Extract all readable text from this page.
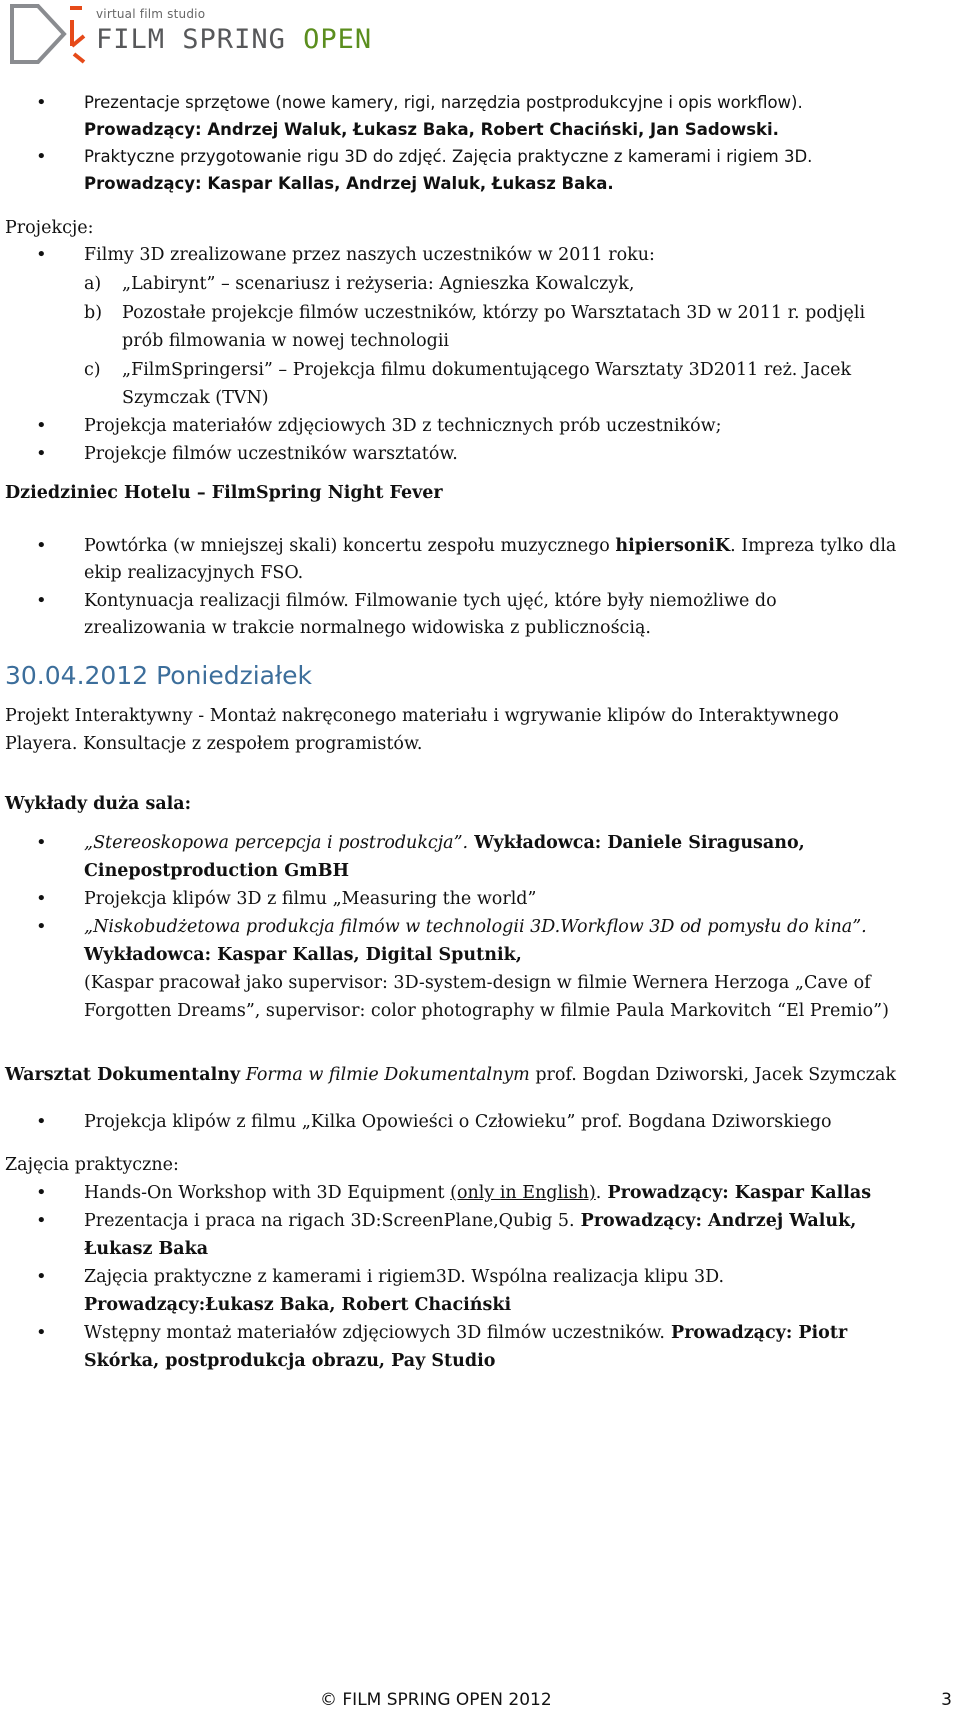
virtual film studio
FILM SPRING OPEN
• Prezentacje sprzętowe (nowe kamery, rigi, narzędzia postprodukcyjne i opis workflow).
Prowadzący: Andrzej Waluk, Łukasz Baka, Robert Chaciński, Jan Sadowski.
• Praktyczne przygotowanie rigu 3D do zdjęć. Zajęcia praktyczne z kamerami i rigiem 3D.
Prowadzący: Kaspar Kallas, Andrzej Waluk, Łukasz Baka.
Projekcje:
• Filmy 3D zrealizowane przez naszych uczestników w 2011 roku:
a) „Labirynt” – scenariusz i reżyseria: Agnieszka Kowalczyk,
b) Pozostałe projekcje filmów uczestników, którzy po Warsztatach 3D w 2011 r. podjęli
prób filmowania w nowej technologii
c) „FilmSpringersi” – Projekcja filmu dokumentującego Warsztaty 3D2011 reż. Jacek
Szymczak (TVN)
• Projekcja materiałów zdjęciowych 3D z technicznych prób uczestników;
• Projekcje filmów uczestników warsztatów.
Dziedziniec Hotelu – FilmSpring Night Fever
• Powtórka (w mniejszej skali) koncertu zespołu muzycznego hipiersoniK. Impreza tylko dla
ekip realizacyjnych FSO.
• Kontynuacja realizacji filmów. Filmowanie tych ujęć, które były niemożliwe do
zrealizowania w trakcie normalnego widowiska z publicznością.
30.04.2012 Poniedziałek
Projekt Interaktywny - Montaż nakręconego materiału i wgrywanie klipów do Interaktywnego
Playera. Konsultacje z zespołem programistów.
Wykłady duża sala:
• „Stereoskopowa percepcja i postrodukcja”. Wykładowca: Daniele Siragusano,
Cinepostproduction GmBH
• Projekcja klipów 3D z filmu „Measuring the world”
• „Niskobudżetowa produkcja filmów w technologii 3D.Workflow 3D od pomysłu do kina”.
Wykładowca: Kaspar Kallas, Digital Sputnik,
(Kaspar pracował jako supervisor: 3D-system-design w filmie Wernera Herzoga „Cave of
Forgotten Dreams”, supervisor: color photography w filmie Paula Markovitch “El Premio”)
Warsztat Dokumentalny Forma w filmie Dokumentalnym prof. Bogdan Dziworski, Jacek Szymczak
• Projekcja klipów z filmu „Kilka Opowieści o Człowieku” prof. Bogdana Dziworskiego
Zajęcia praktyczne:
• Hands-On Workshop with 3D Equipment (only in English). Prowadzący: Kaspar Kallas
• Prezentacja i praca na rigach 3D:ScreenPlane,Qubig 5. Prowadzący: Andrzej Waluk,
Łukasz Baka
• Zajęcia praktyczne z kamerami i rigiem3D. Wspólna realizacja klipu 3D.
Prowadzący:Łukasz Baka, Robert Chaciński
• Wstępny montaż materiałów zdjęciowych 3D filmów uczestników. Prowadzący: Piotr
Skórka, postprodukcja obrazu, Pay Studio
© FILM SPRING OPEN 2012	3
